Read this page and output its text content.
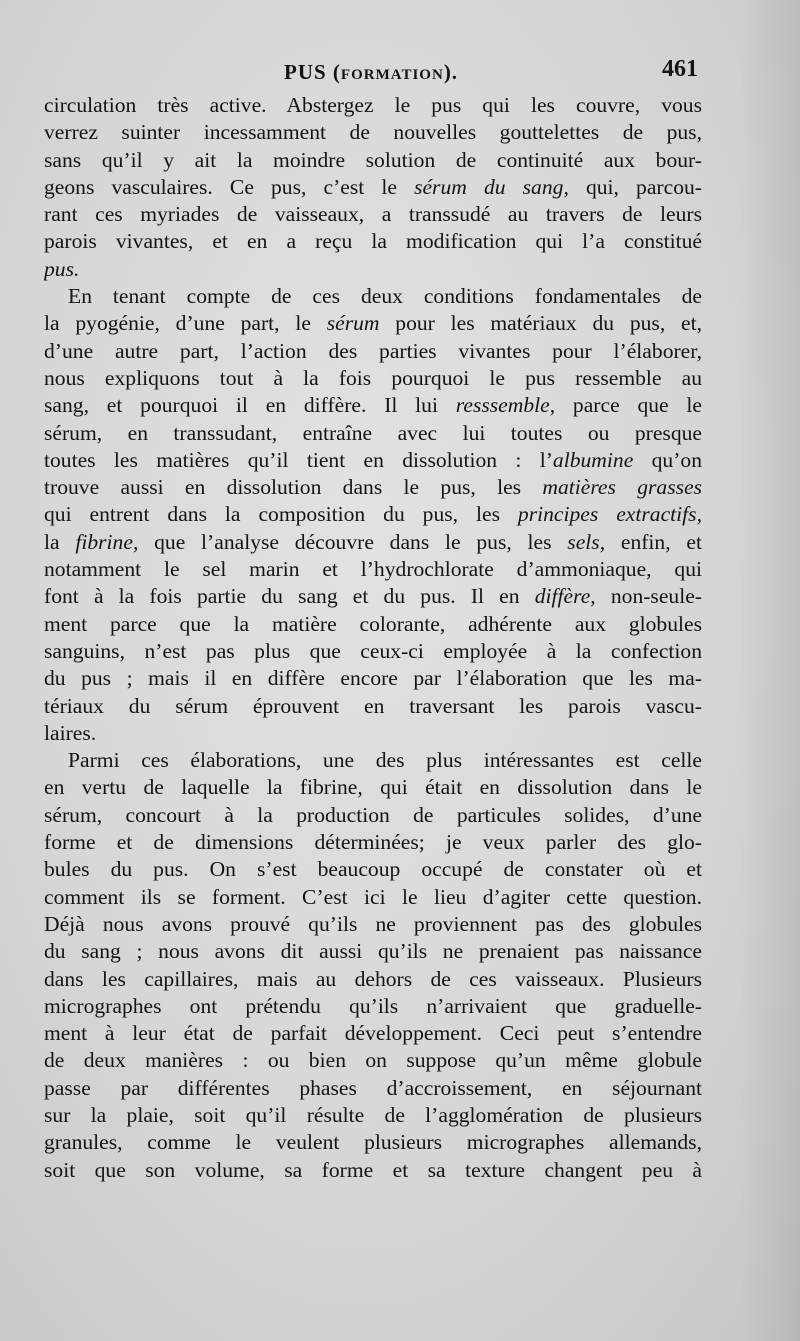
PUS (FORMATION).	461
circulation très active. Abstergez le pus qui les couvre, vous
verrez suinter incessamment de nouvelles gouttelettes de pus,
sans qu’il y ait la moindre solution de continuité aux bour-
geons vasculaires. Ce pus, c’est le sérum du sang, qui, parcou-
rant ces myriades de vaisseaux, a transsudé au travers de leurs
parois vivantes, et en a reçu la modification qui l’a constitué
pus.
En tenant compte de ces deux conditions fondamentales de
la pyogénie, d’une part, le sérum pour les matériaux du pus, et,
d’une autre part, l’action des parties vivantes pour l’élaborer,
nous expliquons tout à la fois pourquoi le pus ressemble au
sang, et pourquoi il en diffère. Il lui resssemble, parce que le
sérum, en transsudant, entraîne avec lui toutes ou presque
toutes les matières qu’il tient en dissolution : l’albumine qu’on
trouve aussi en dissolution dans le pus, les matières grasses
qui entrent dans la composition du pus, les principes extractifs,
la fibrine, que l’analyse découvre dans le pus, les sels, enfin, et
notamment le sel marin et l’hydrochlorate d’ammoniaque, qui
font à la fois partie du sang et du pus. Il en diffère, non-seule-
ment parce que la matière colorante, adhérente aux globules
sanguins, n’est pas plus que ceux-ci employée à la confection
du pus ; mais il en diffère encore par l’élaboration que les ma-
tériaux du sérum éprouvent en traversant les parois vascu-
laires.
Parmi ces élaborations, une des plus intéressantes est celle
en vertu de laquelle la fibrine, qui était en dissolution dans le
sérum, concourt à la production de particules solides, d’une
forme et de dimensions déterminées; je veux parler des glo-
bules du pus. On s’est beaucoup occupé de constater où et
comment ils se forment. C’est ici le lieu d’agiter cette question.
Déjà nous avons prouvé qu’ils ne proviennent pas des globules
du sang ; nous avons dit aussi qu’ils ne prenaient pas naissance
dans les capillaires, mais au dehors de ces vaisseaux. Plusieurs
micrographes ont prétendu qu’ils n’arrivaient que graduelle-
ment à leur état de parfait développement. Ceci peut s’entendre
de deux manières : ou bien on suppose qu’un même globule
passe par différentes phases d’accroissement, en séjournant
sur la plaie, soit qu’il résulte de l’agglomération de plusieurs
granules, comme le veulent plusieurs micrographes allemands,
soit que son volume, sa forme et sa texture changent peu à
